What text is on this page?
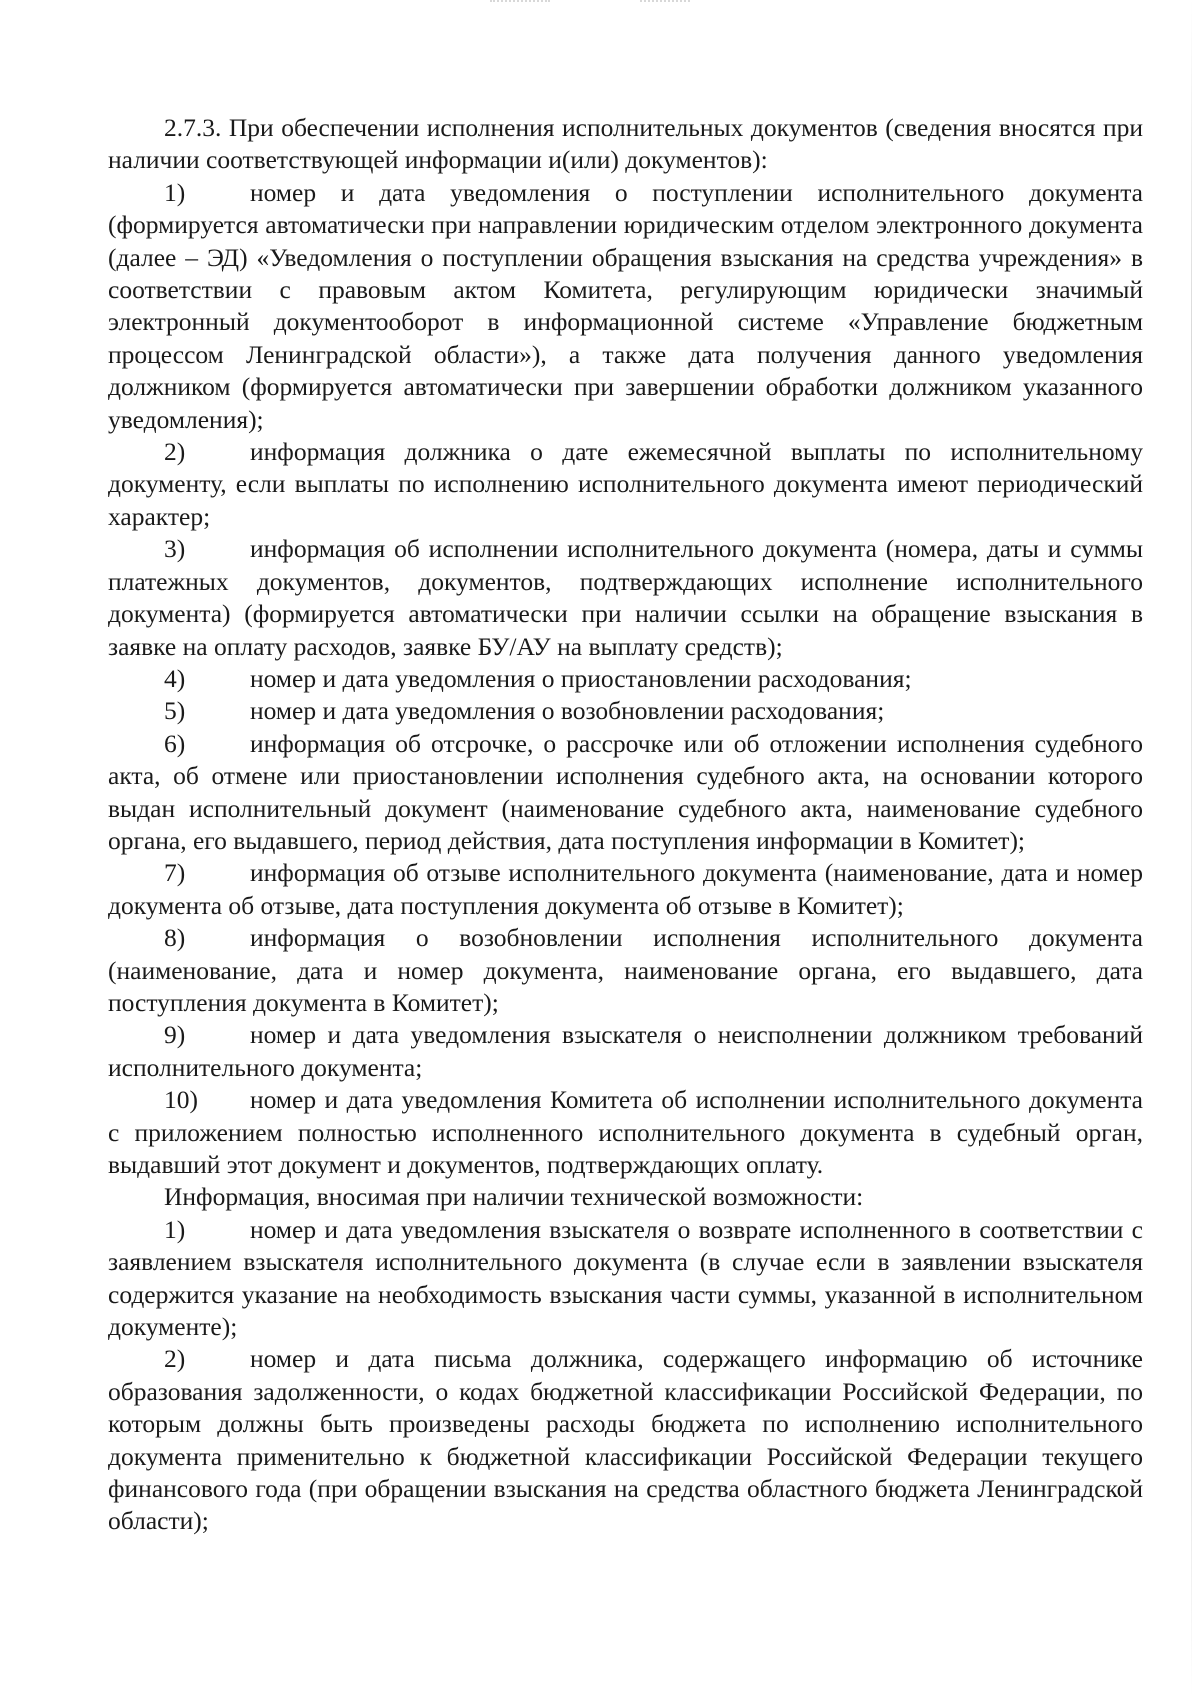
2.7.3. При обеспечении исполнения исполнительных документов (сведения вносятся при наличии соответствующей информации и(или) документов):

1)	номер и дата уведомления о поступлении исполнительного документа (формируется автоматически при направлении юридическим отделом электронного документа (далее – ЭД) «Уведомления о поступлении обращения взыскания на средства учреждения» в соответствии с правовым актом Комитета, регулирующим юридически значимый электронный документооборот в информационной системе «Управление бюджетным процессом Ленинградской области»), а также дата получения данного уведомления должником (формируется автоматически при завершении обработки должником указанного уведомления);

2)	информация должника о дате ежемесячной выплаты по исполнительному документу, если выплаты по исполнению исполнительного документа имеют периодический характер;

3)	информация об исполнении исполнительного документа (номера, даты и суммы платежных документов, документов, подтверждающих исполнение исполнительного документа) (формируется автоматически при наличии ссылки на обращение взыскания в заявке на оплату расходов, заявке БУ/АУ на выплату средств);

4)	номер и дата уведомления о приостановлении расходования;

5)	номер и дата уведомления о возобновлении расходования;

6)	информация об отсрочке, о рассрочке или об отложении исполнения судебного акта, об отмене или приостановлении исполнения судебного акта, на основании которого выдан исполнительный документ (наименование судебного акта, наименование судебного органа, его выдавшего, период действия, дата поступления информации в Комитет);

7)	информация об отзыве исполнительного документа (наименование, дата и номер документа об отзыве, дата поступления документа об отзыве в Комитет);

8)	информация о возобновлении исполнения исполнительного документа (наименование, дата и номер документа, наименование органа, его выдавшего, дата поступления документа в Комитет);

9)	номер и дата уведомления взыскателя о неисполнении должником требований исполнительного документа;

10) номер и дата уведомления Комитета об исполнении исполнительного документа с приложением полностью исполненного исполнительного документа в судебный орган, выдавший этот документ и документов, подтверждающих оплату.

Информация, вносимая при наличии технической возможности:

1)	номер и дата уведомления взыскателя о возврате исполненного в соответствии с заявлением взыскателя исполнительного документа (в случае если в заявлении взыскателя содержится указание на необходимость взыскания части суммы, указанной в исполнительном документе);

2)	номер и дата письма должника, содержащего информацию об источнике образования задолженности, о кодах бюджетной классификации Российской Федерации, по которым должны быть произведены расходы бюджета по исполнению исполнительного документа применительно к бюджетной классификации Российской Федерации текущего финансового года (при обращении взыскания на средства областного бюджета Ленинградской области);
